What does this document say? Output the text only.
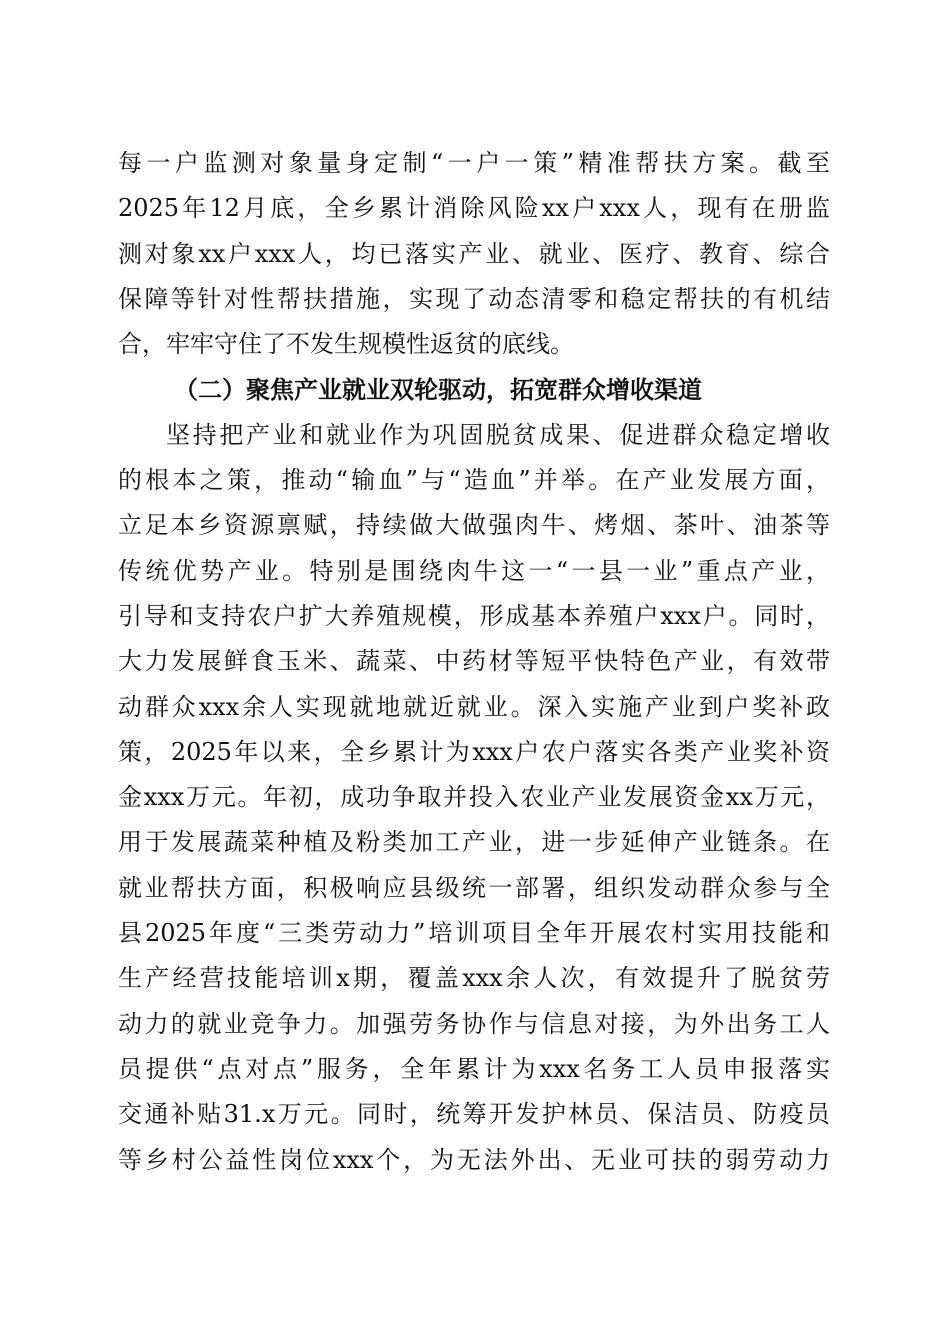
每一户监测对象量身定制“一户一策”精准帮扶方案。截至
2025年12月底，全乡累计消除风险xx户xxx人，现有在册监
测对象xx户xxx人，均已落实产业、就业、医疗、教育、综合
保障等针对性帮扶措施，实现了动态清零和稳定帮扶的有机结
合，牢牢守住了不发生规模性返贫的底线。
（二）聚焦产业就业双轮驱动，拓宽群众增收渠道
坚持把产业和就业作为巩固脱贫成果、促进群众稳定增收
的根本之策，推动“输血”与“造血”并举。在产业发展方面，
立足本乡资源禀赋，持续做大做强肉牛、烤烟、茶叶、油茶等
传统优势产业。特别是围绕肉牛这一“一县一业”重点产业，
引导和支持农户扩大养殖规模，形成基本养殖户xxx户。同时，
大力发展鲜食玉米、蔬菜、中药材等短平快特色产业，有效带
动群众xxx余人实现就地就近就业。深入实施产业到户奖补政
策，2025年以来，全乡累计为xxx户农户落实各类产业奖补资
金xxx万元。年初，成功争取并投入农业产业发展资金xx万元，
用于发展蔬菜种植及粉类加工产业，进一步延伸产业链条。在
就业帮扶方面，积极响应县级统一部署，组织发动群众参与全
县2025年度“三类劳动力”培训项目全年开展农村实用技能和
生产经营技能培训x期，覆盖xxx余人次，有效提升了脱贫劳
动力的就业竞争力。加强劳务协作与信息对接，为外出务工人
员提供“点对点”服务，全年累计为xxx名务工人员申报落实
交通补贴31.x万元。同时，统筹开发护林员、保洁员、防疫员
等乡村公益性岗位xxx个，为无法外出、无业可扶的弱劳动力
